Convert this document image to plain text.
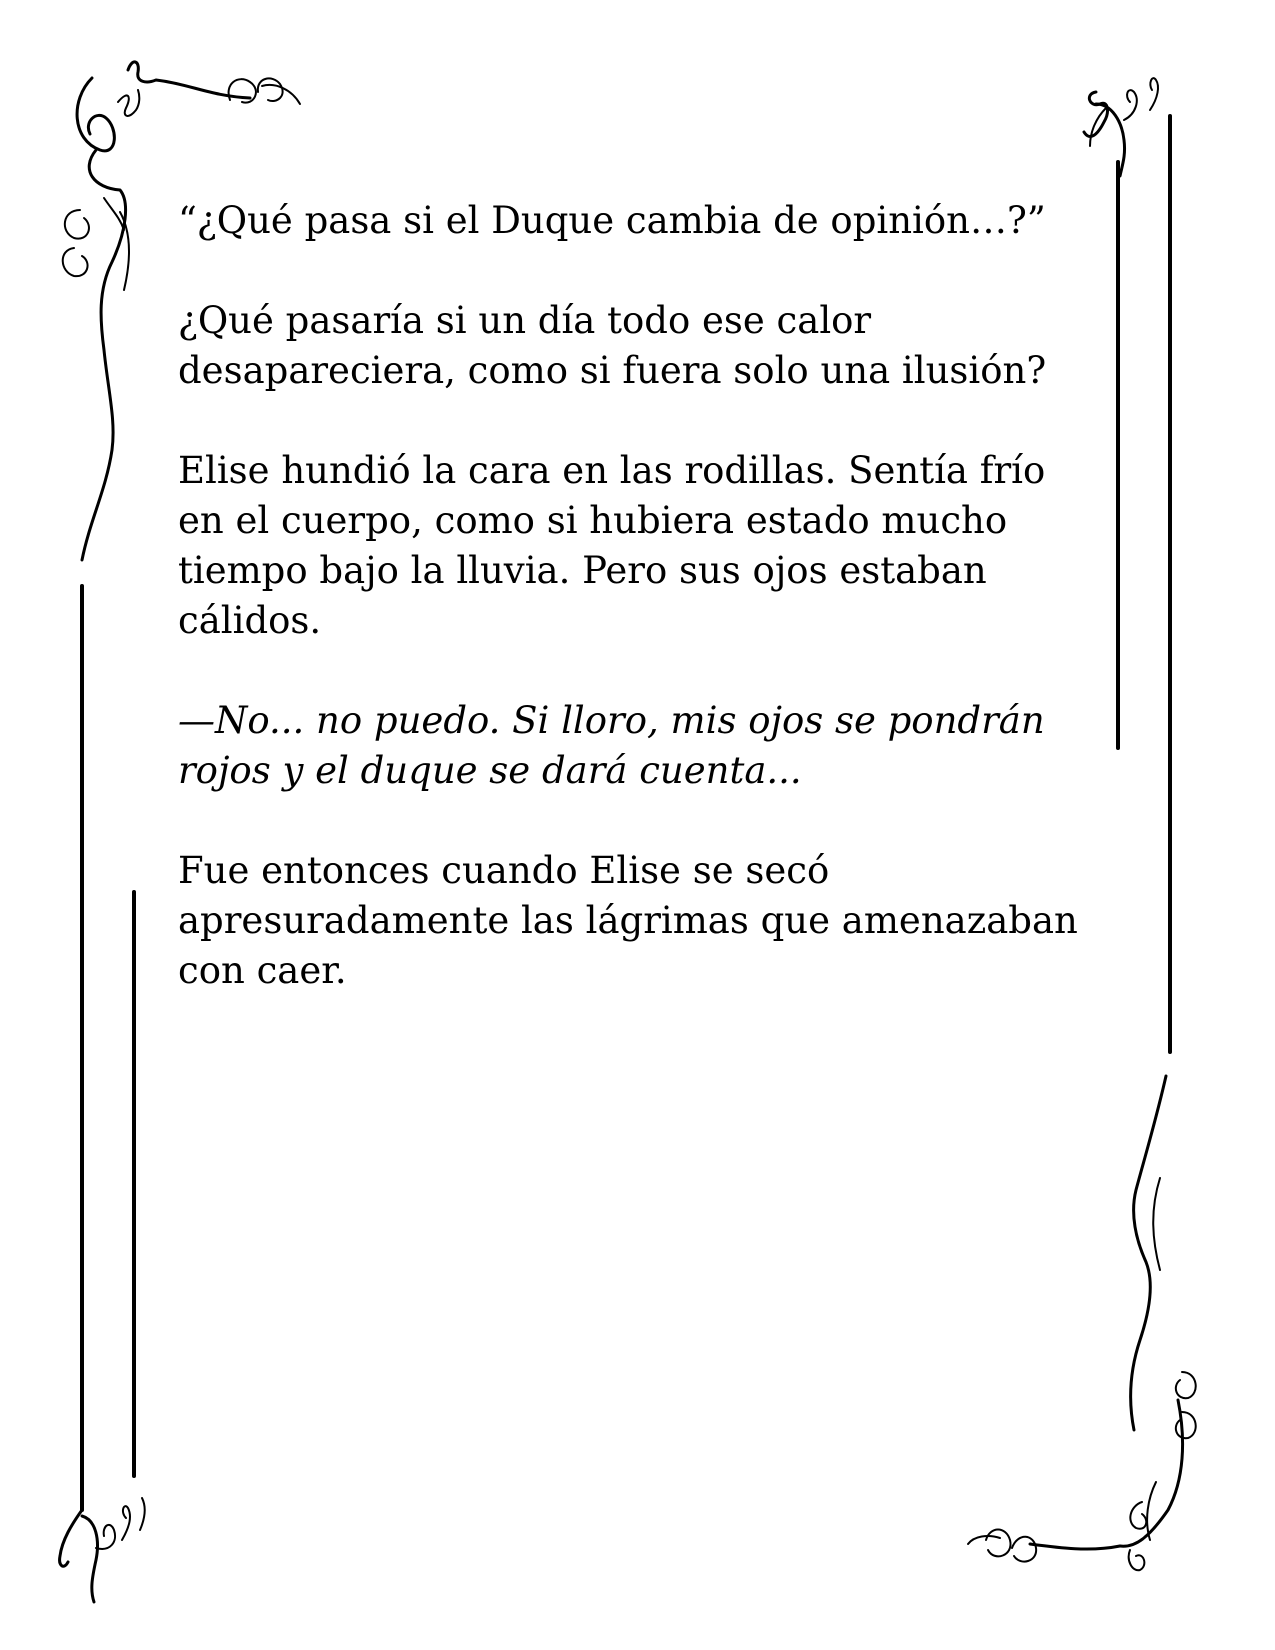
“¿Qué pasa si el Duque cambia de opinión…?”

¿Qué pasaría si un día todo ese calor desapareciera, como si fuera solo una ilusión?

Elise hundió la cara en las rodillas. Sentía frío en el cuerpo, como si hubiera estado mucho tiempo bajo la lluvia. Pero sus ojos estaban cálidos.

—No... no puedo. Si lloro, mis ojos se pondrán rojos y el duque se dará cuenta...

Fue entonces cuando Elise se secó apresuradamente las lágrimas que amenazaban con caer.
